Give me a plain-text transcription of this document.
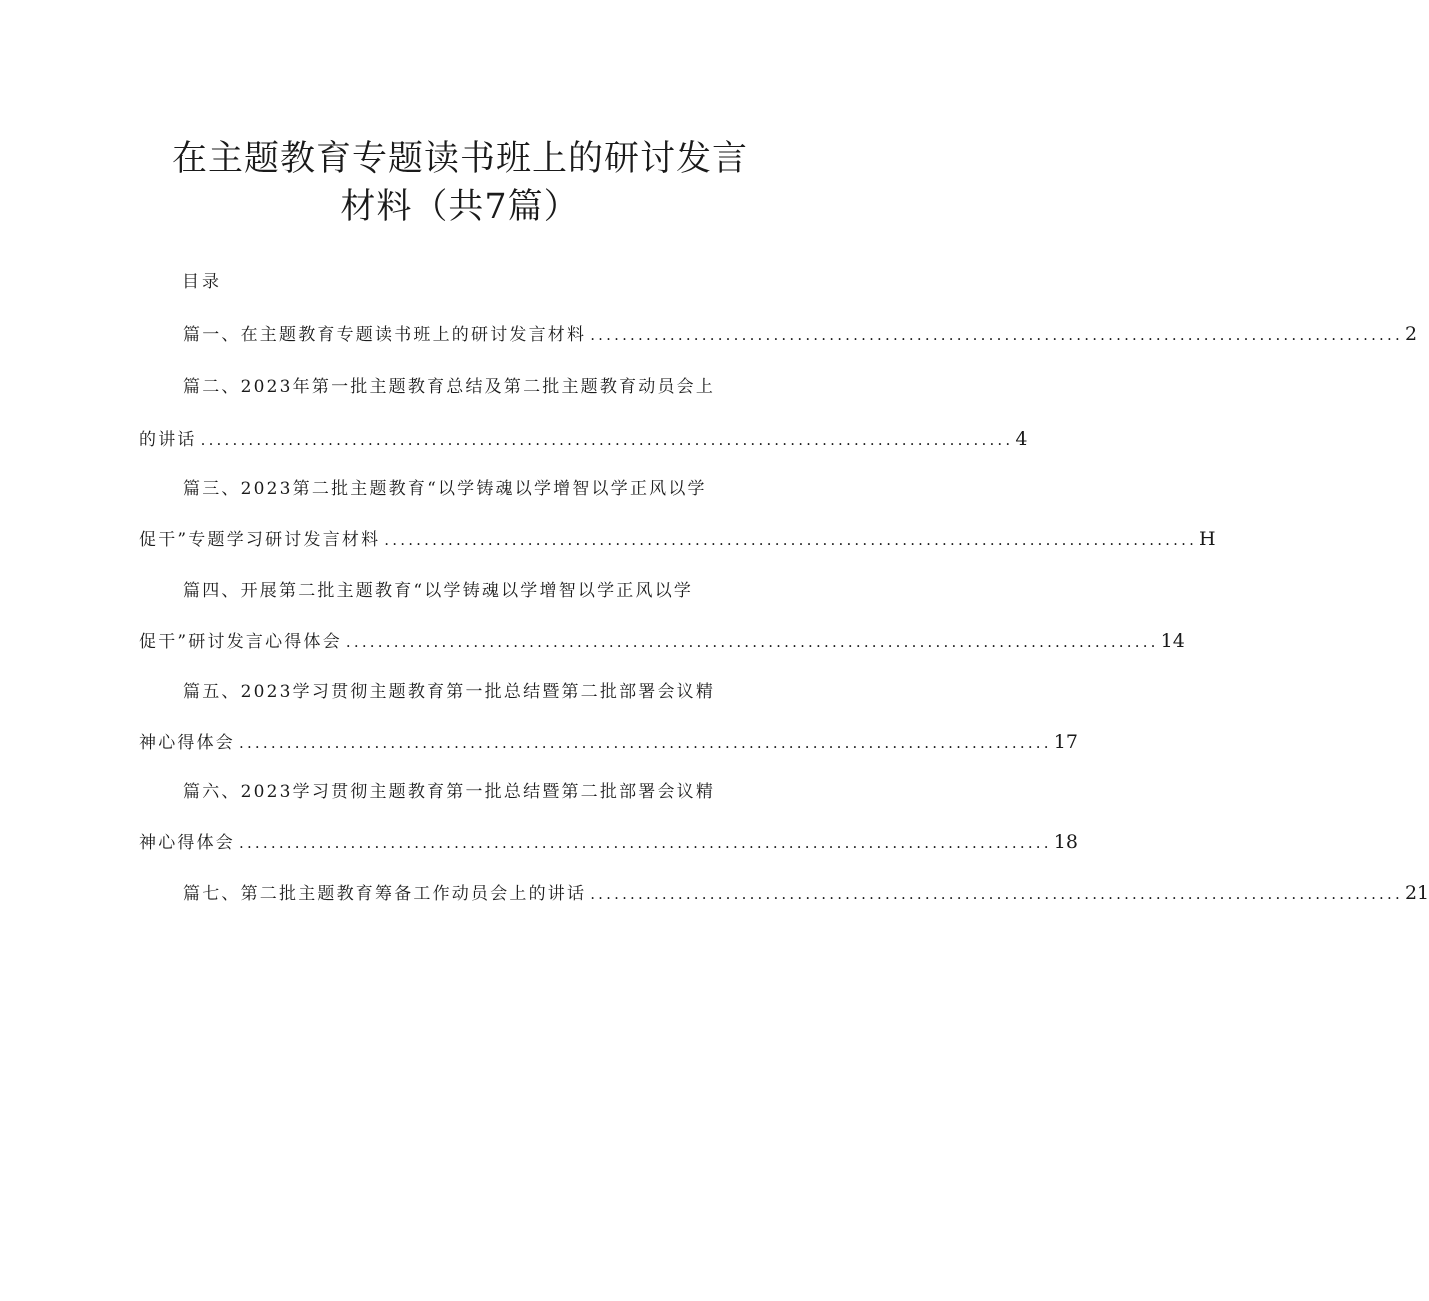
在主题教育专题读书班上的研讨发言
材料（共7篇）
目录
篇一、在主题教育专题读书班上的研讨发言材料 ...................................................................................................... 2
篇二、2023年第一批主题教育总结及第二批主题教育动员会上
的讲话 ...................................................................................................... 4
篇三、2023第二批主题教育“以学铸魂以学增智以学正风以学
促干”专题学习研讨发言材料 ...................................................................................................... H
篇四、开展第二批主题教育“以学铸魂以学增智以学正风以学
促干”研讨发言心得体会 ...................................................................................................... 14
篇五、2023学习贯彻主题教育第一批总结暨第二批部署会议精
神心得体会 ...................................................................................................... 17
篇六、2023学习贯彻主题教育第一批总结暨第二批部署会议精
神心得体会 ...................................................................................................... 18
篇七、第二批主题教育筹备工作动员会上的讲话 ...................................................................................................... 21
